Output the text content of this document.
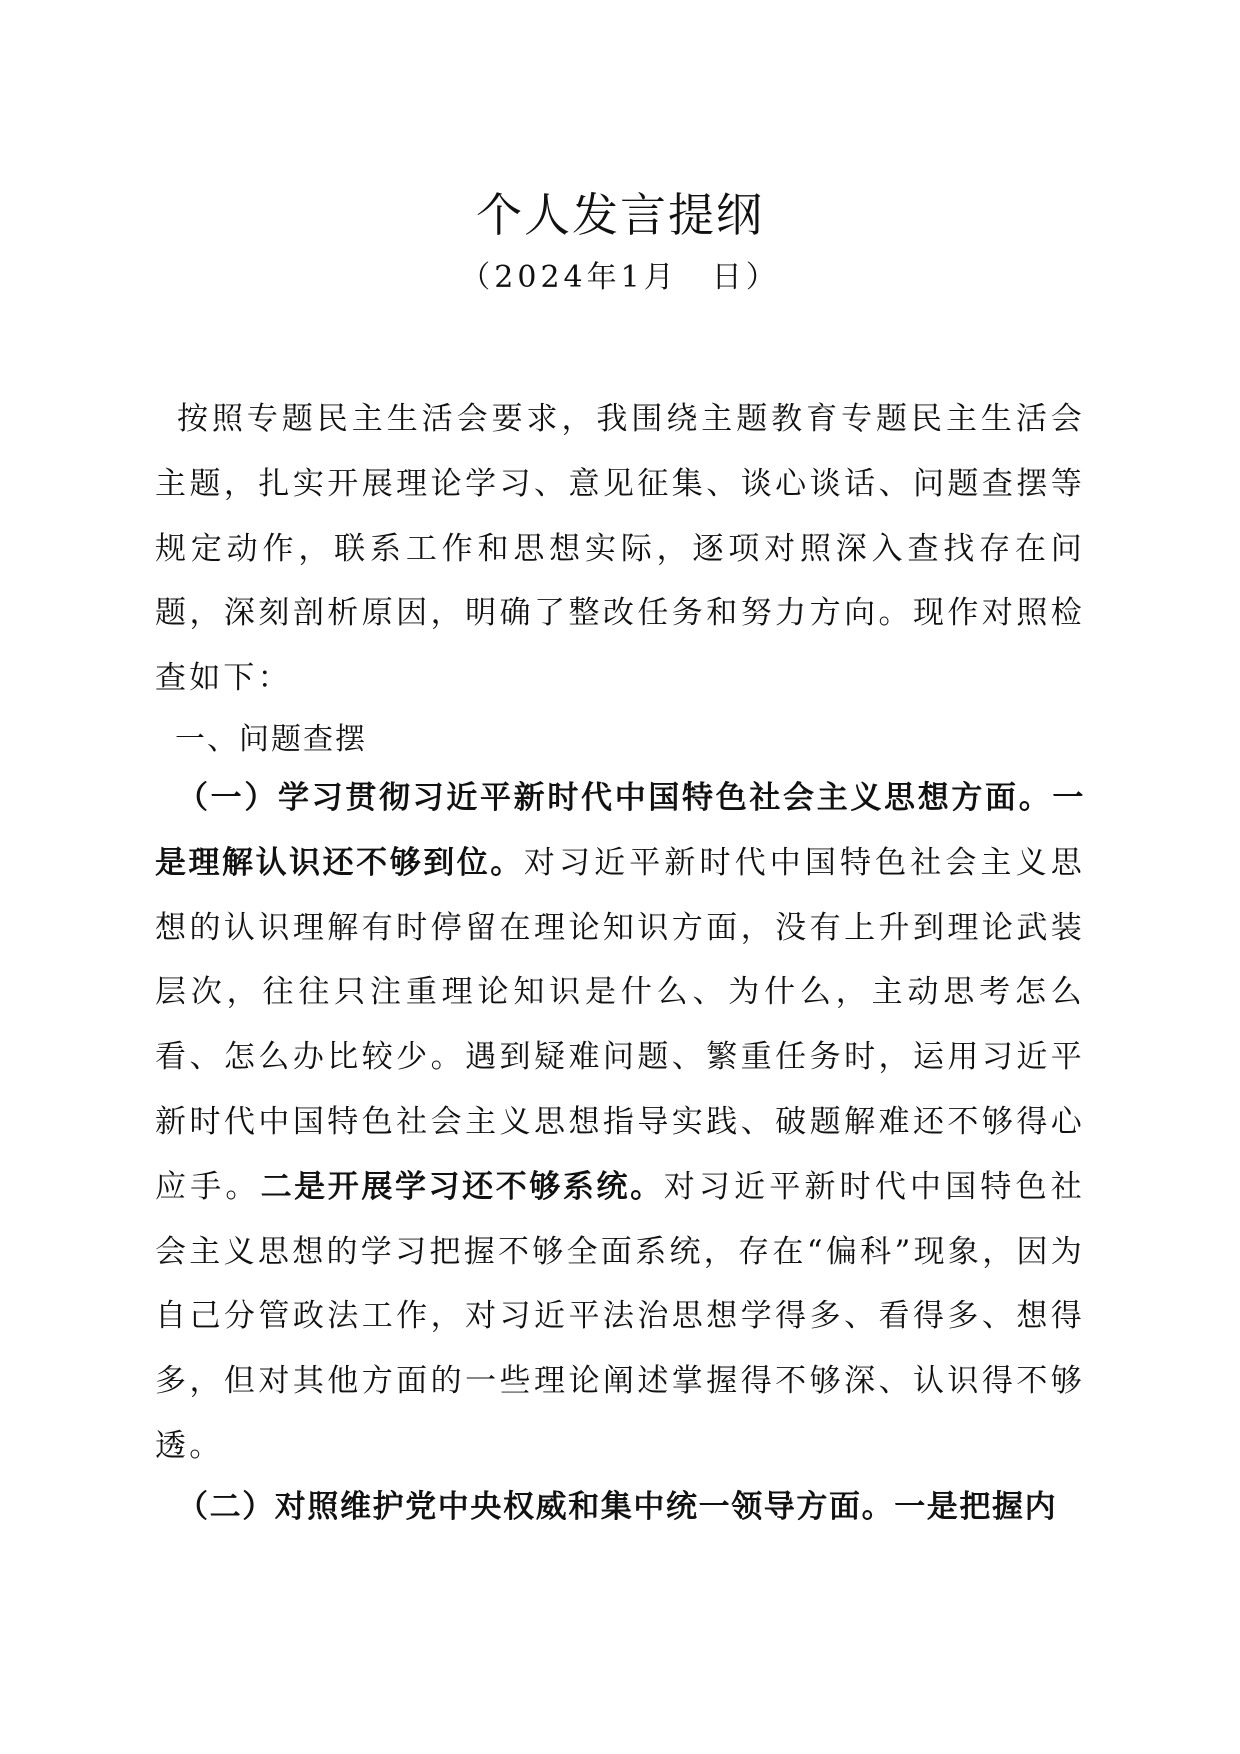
个人发言提纲
（2024年1月　日）

按照专题民主生活会要求，我围绕主题教育专题民主生活会主题，扎实开展理论学习、意见征集、谈心谈话、问题查摆等规定动作，联系工作和思想实际，逐项对照深入查找存在问题，深刻剖析原因，明确了整改任务和努力方向。现作对照检查如下：

一、问题查摆

（一）学习贯彻习近平新时代中国特色社会主义思想方面。一是理解认识还不够到位。对习近平新时代中国特色社会主义思想的认识理解有时停留在理论知识方面，没有上升到理论武装层次，往往只注重理论知识是什么、为什么，主动思考怎么看、怎么办比较少。遇到疑难问题、繁重任务时，运用习近平新时代中国特色社会主义思想指导实践、破题解难还不够得心应手。二是开展学习还不够系统。对习近平新时代中国特色社会主义思想的学习把握不够全面系统，存在“偏科”现象，因为自己分管政法工作，对习近平法治思想学得多、看得多、想得多，但对其他方面的一些理论阐述掌握得不够深、认识得不够透。

（二）对照维护党中央权威和集中统一领导方面。一是把握内
